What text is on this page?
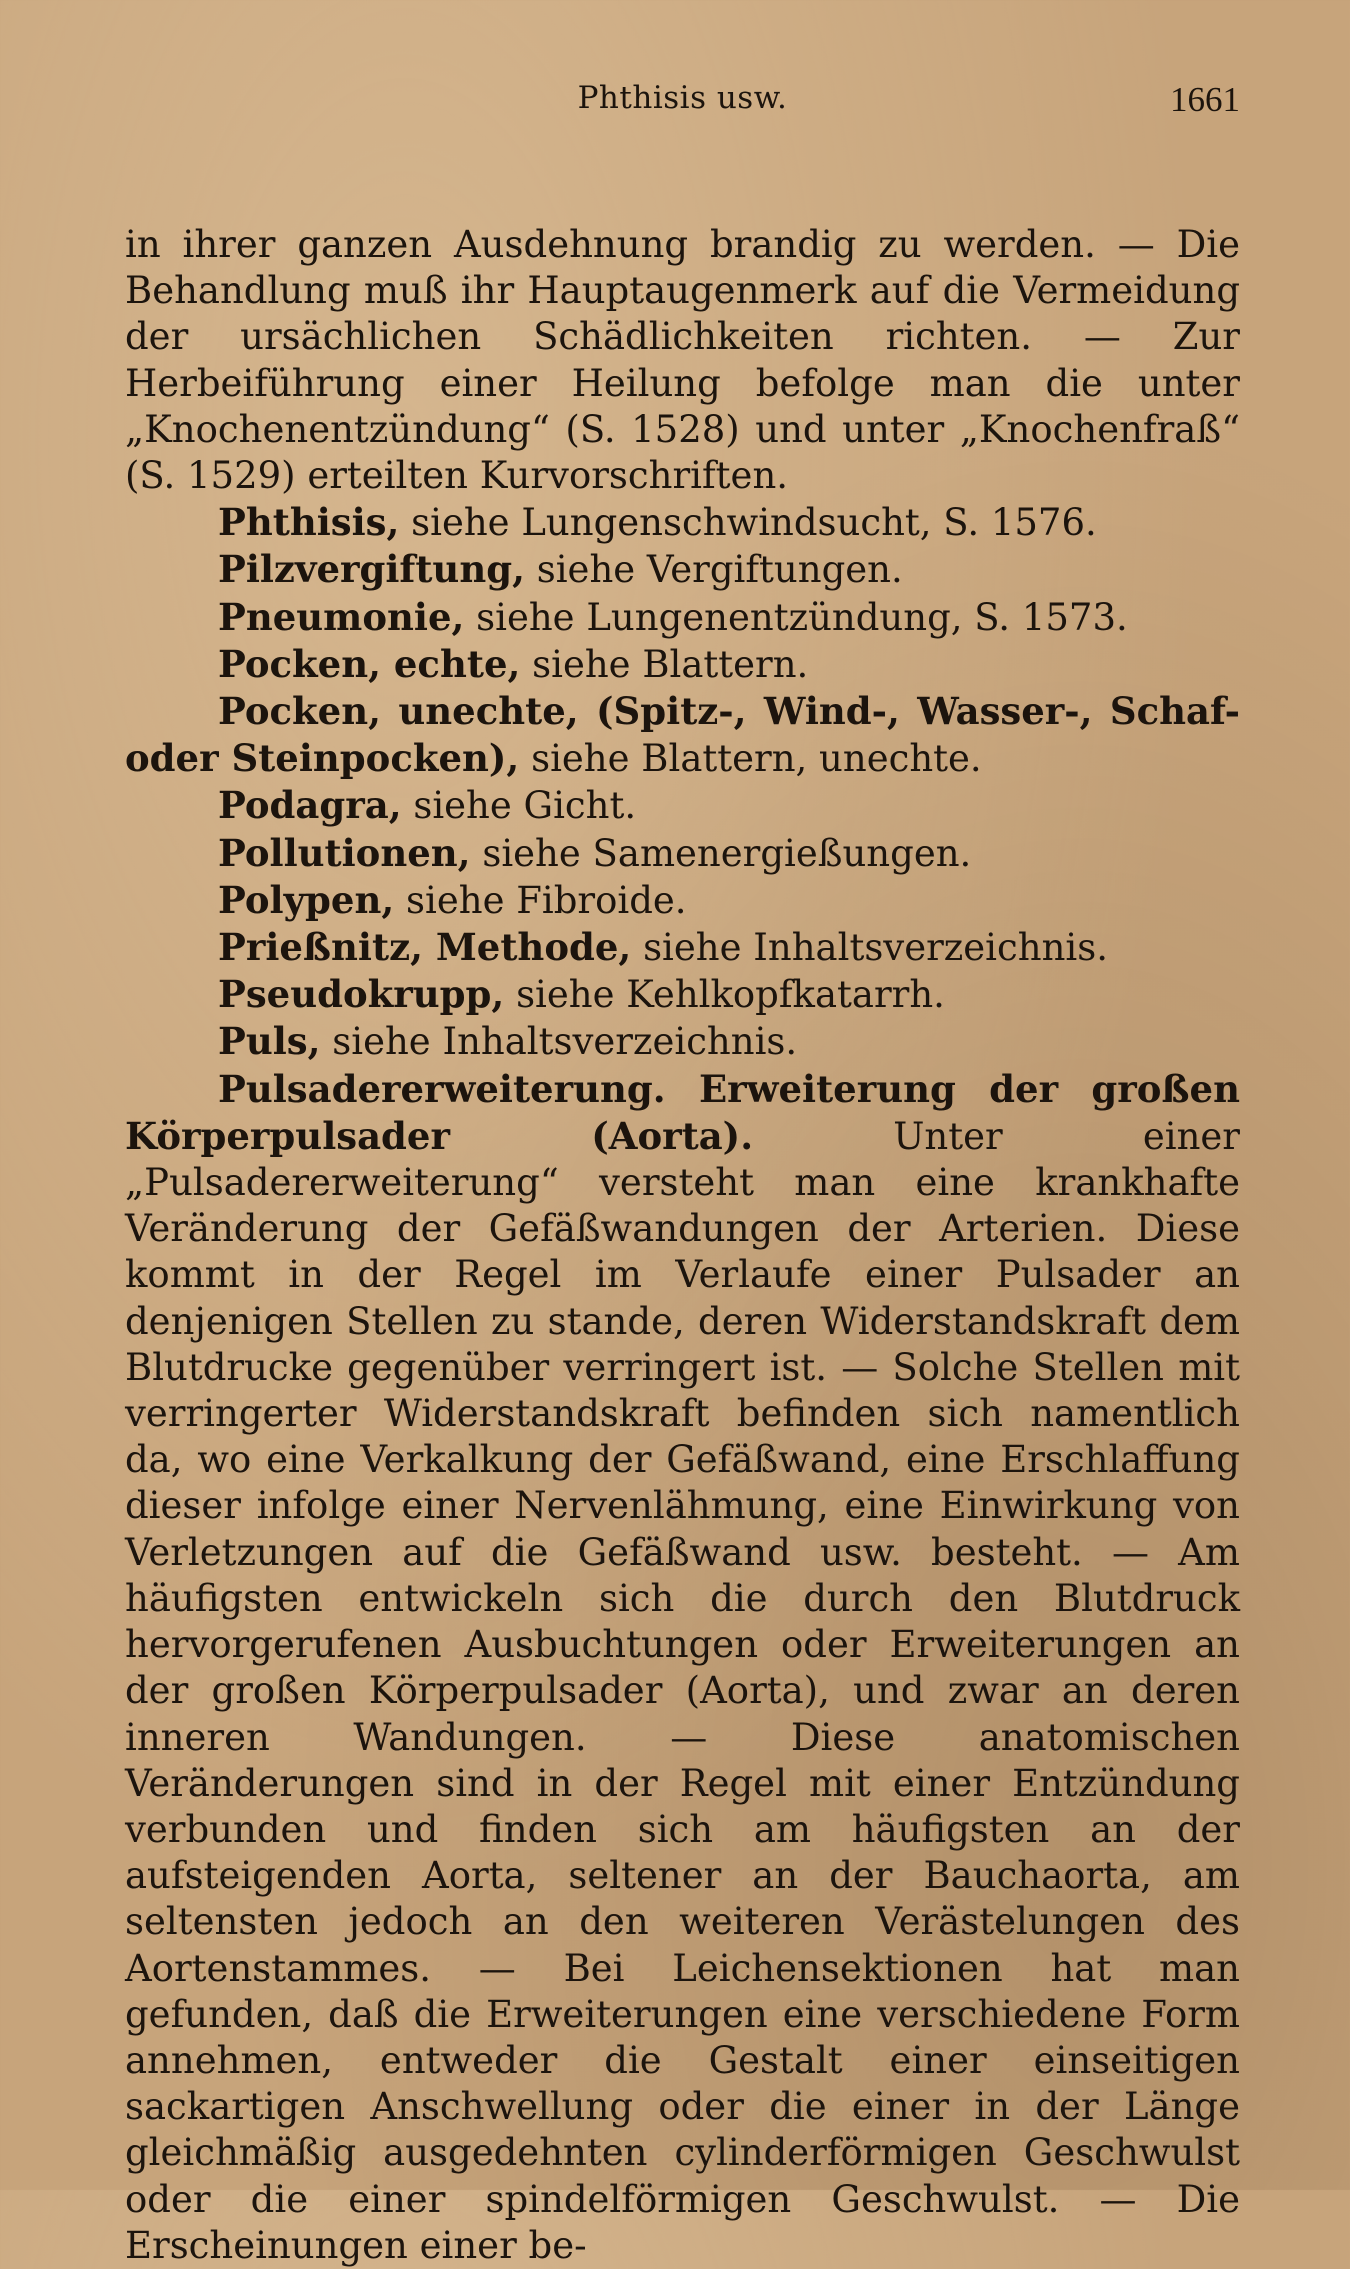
Phthisis usw.	1661

in ihrer ganzen Ausdehnung brandig zu werden. — Die Behandlung muß ihr Hauptaugenmerk auf die Vermeidung der ursächlichen Schädlichkeiten richten. — Zur Herbeiführung einer Heilung befolge man die unter „Knochenentzündung“ (S. 1528) und unter „Knochenfraß“ (S. 1529) erteilten Kurvorschriften.

Phthisis, siehe Lungenschwindsucht, S. 1576.

Pilzvergiftung, siehe Vergiftungen.

Pneumonie, siehe Lungenentzündung, S. 1573.

Pocken, echte, siehe Blattern.

Pocken, unechte, (Spitz-, Wind-, Wasser-, Schaf- oder Steinpocken), siehe Blattern, unechte.

Podagra, siehe Gicht.

Pollutionen, siehe Samenergießungen.

Polypen, siehe Fibroide.

Prießnitz, Methode, siehe Inhaltsverzeichnis.

Pseudokrupp, siehe Kehlkopfkatarrh.

Puls, siehe Inhaltsverzeichnis.

Pulsadererweiterung. Erweiterung der großen Körperpulsader (Aorta). Unter einer „Pulsadererweiterung“ versteht man eine krankhafte Veränderung der Gefäßwandungen der Arterien. Diese kommt in der Regel im Verlaufe einer Pulsader an denjenigen Stellen zu stande, deren Widerstandskraft dem Blutdrucke gegenüber verringert ist. — Solche Stellen mit verringerter Widerstandskraft befinden sich namentlich da, wo eine Verkalkung der Gefäßwand, eine Erschlaffung dieser infolge einer Nervenlähmung, eine Einwirkung von Verletzungen auf die Gefäßwand usw. besteht. — Am häufigsten entwickeln sich die durch den Blutdruck hervorgerufenen Ausbuchtungen oder Erweiterungen an der großen Körperpulsader (Aorta), und zwar an deren inneren Wandungen. — Diese anatomischen Veränderungen sind in der Regel mit einer Entzündung verbunden und finden sich am häufigsten an der aufsteigenden Aorta, seltener an der Bauchaorta, am seltensten jedoch an den weiteren Verästelungen des Aortenstammes. — Bei Leichensektionen hat man gefunden, daß die Erweiterungen eine verschiedene Form annehmen, entweder die Gestalt einer einseitigen sackartigen Anschwellung oder die einer in der Länge gleichmäßig ausgedehnten cylinderförmigen Geschwulst oder die einer spindelförmigen Geschwulst. — Die Erscheinungen einer be-
